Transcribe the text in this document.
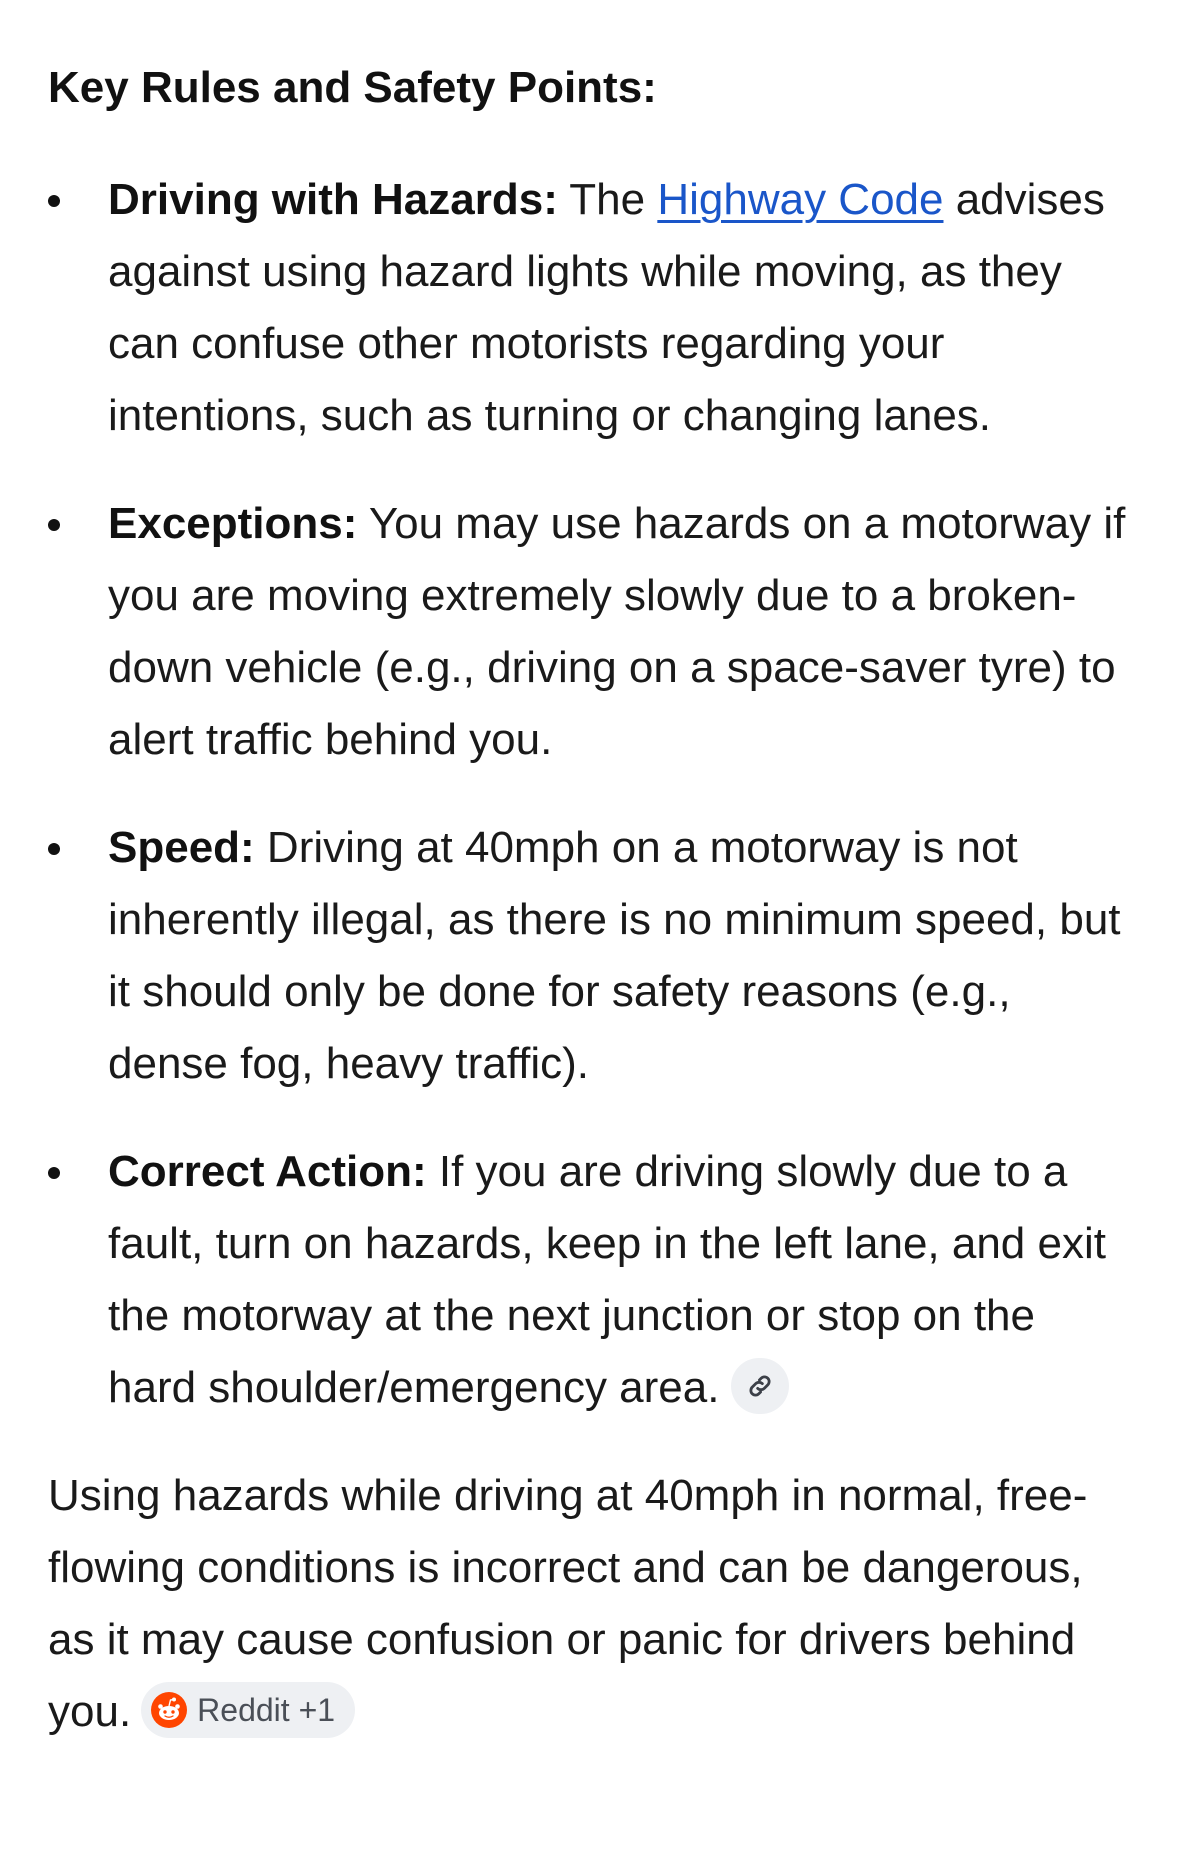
Key Rules and Safety Points:
Driving with Hazards: The Highway Code advises against using hazard lights while moving, as they can confuse other motorists regarding your intentions, such as turning or changing lanes.
Exceptions: You may use hazards on a motorway if you are moving extremely slowly due to a broken-down vehicle (e.g., driving on a space-saver tyre) to alert traffic behind you.
Speed: Driving at 40mph on a motorway is not inherently illegal, as there is no minimum speed, but it should only be done for safety reasons (e.g., dense fog, heavy traffic).
Correct Action: If you are driving slowly due to a fault, turn on hazards, keep in the left lane, and exit the motorway at the next junction or stop on the hard shoulder/emergency area.

Using hazards while driving at 40mph in normal, free-flowing conditions is incorrect and can be dangerous, as it may cause confusion or panic for drivers behind you. Reddit +1
